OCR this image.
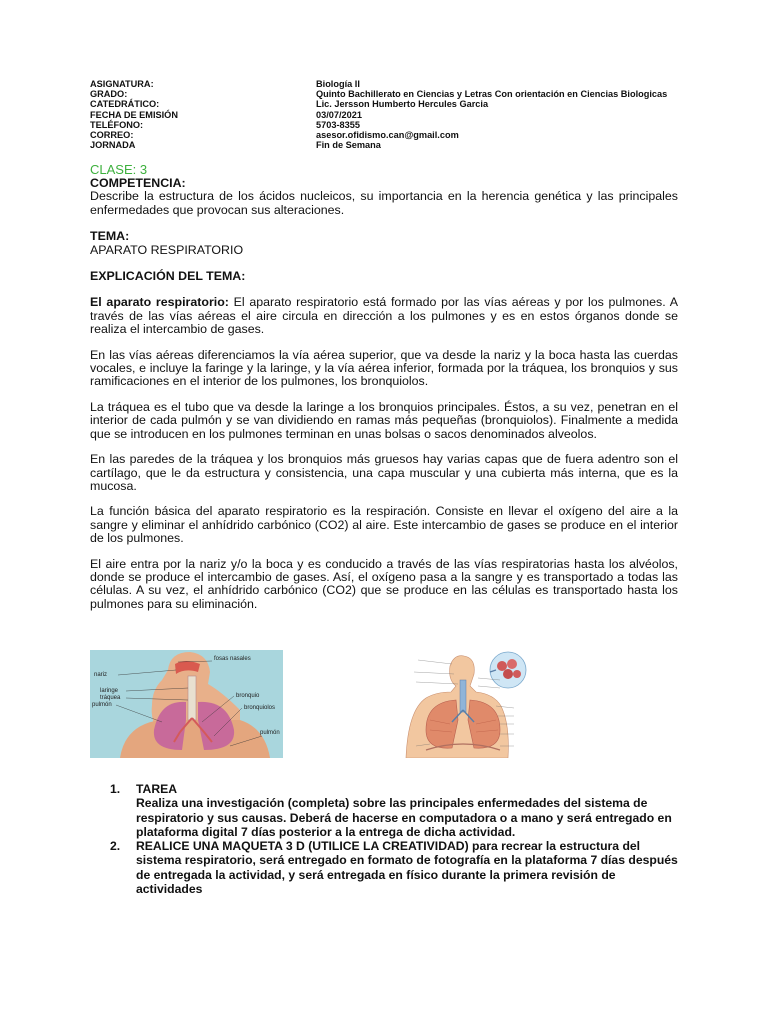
ASIGNATURA:	Biología II
GRADO:	Quinto Bachillerato en Ciencias y Letras Con orientación en Ciencias Biologicas
CATEDRÁTICO:	Lic. Jersson Humberto Hercules Garcia
FECHA DE EMISIÓN	03/07/2021
TELÉFONO:	5703-8355
CORREO:	asesor.ofidismo.can@gmail.com
JORNADA	Fin de Semana
CLASE: 3
COMPETENCIA:

Describe la estructura de los ácidos nucleicos, su importancia en la herencia genética y las principales enfermedades que provocan sus alteraciones.

TEMA:
APARATO RESPIRATORIO
EXPLICACIÓN DEL TEMA:

El aparato respiratorio: El aparato respiratorio está formado por las vías aéreas y por los pulmones. A través de las vías aéreas el aire circula en dirección a los pulmones y es en estos órganos donde se realiza el intercambio de gases.

En las vías aéreas diferenciamos la vía aérea superior, que va desde la nariz y la boca hasta las cuerdas vocales, e incluye la faringe y la laringe, y la vía aérea inferior, formada por la tráquea, los bronquios y sus ramificaciones en el interior de los pulmones, los bronquiolos.

La tráquea es el tubo que va desde la laringe a los bronquios principales. Éstos, a su vez, penetran en el interior de cada pulmón y se van dividiendo en ramas más pequeñas (bronquiolos). Finalmente a medida que se introducen en los pulmones terminan en unas bolsas o sacos denominados alveolos.

En las paredes de la tráquea y los bronquios más gruesos hay varias capas que de fuera adentro son el cartílago, que le da estructura y consistencia, una capa muscular y una cubierta más interna, que es la mucosa.

La función básica del aparato respiratorio es la respiración. Consiste en llevar el oxígeno del aire a la sangre y eliminar el anhídrido carbónico (CO2) al aire. Este intercambio de gases se produce en el interior de los pulmones.

El aire entra por la nariz y/o la boca y es conducido a través de las vías respiratorias hasta los alvéolos, donde se produce el intercambio de gases. Así, el oxígeno pasa a la sangre y es transportado a todas las células. A su vez, el anhídrido carbónico (CO2) que se produce en las células es transportado hasta los pulmones para su eliminación.

fosas nasales
nariz
laringe
tráquea
pulmón
bronquio
bronquiolos
pulmón
1.	TAREA
Realiza una investigación (completa) sobre las principales enfermedades del sistema de respiratorio y sus causas. Deberá de hacerse en computadora o a mano y será entregado en plataforma digital 7 días posterior a la entrega de dicha actividad.
2.	REALICE UNA MAQUETA 3 D (UTILICE LA CREATIVIDAD) para recrear la estructura del sistema respiratorio, será entregado en formato de fotografía en la plataforma 7 días después de entregada la actividad, y será entregada en físico durante la primera revisión de actividades
